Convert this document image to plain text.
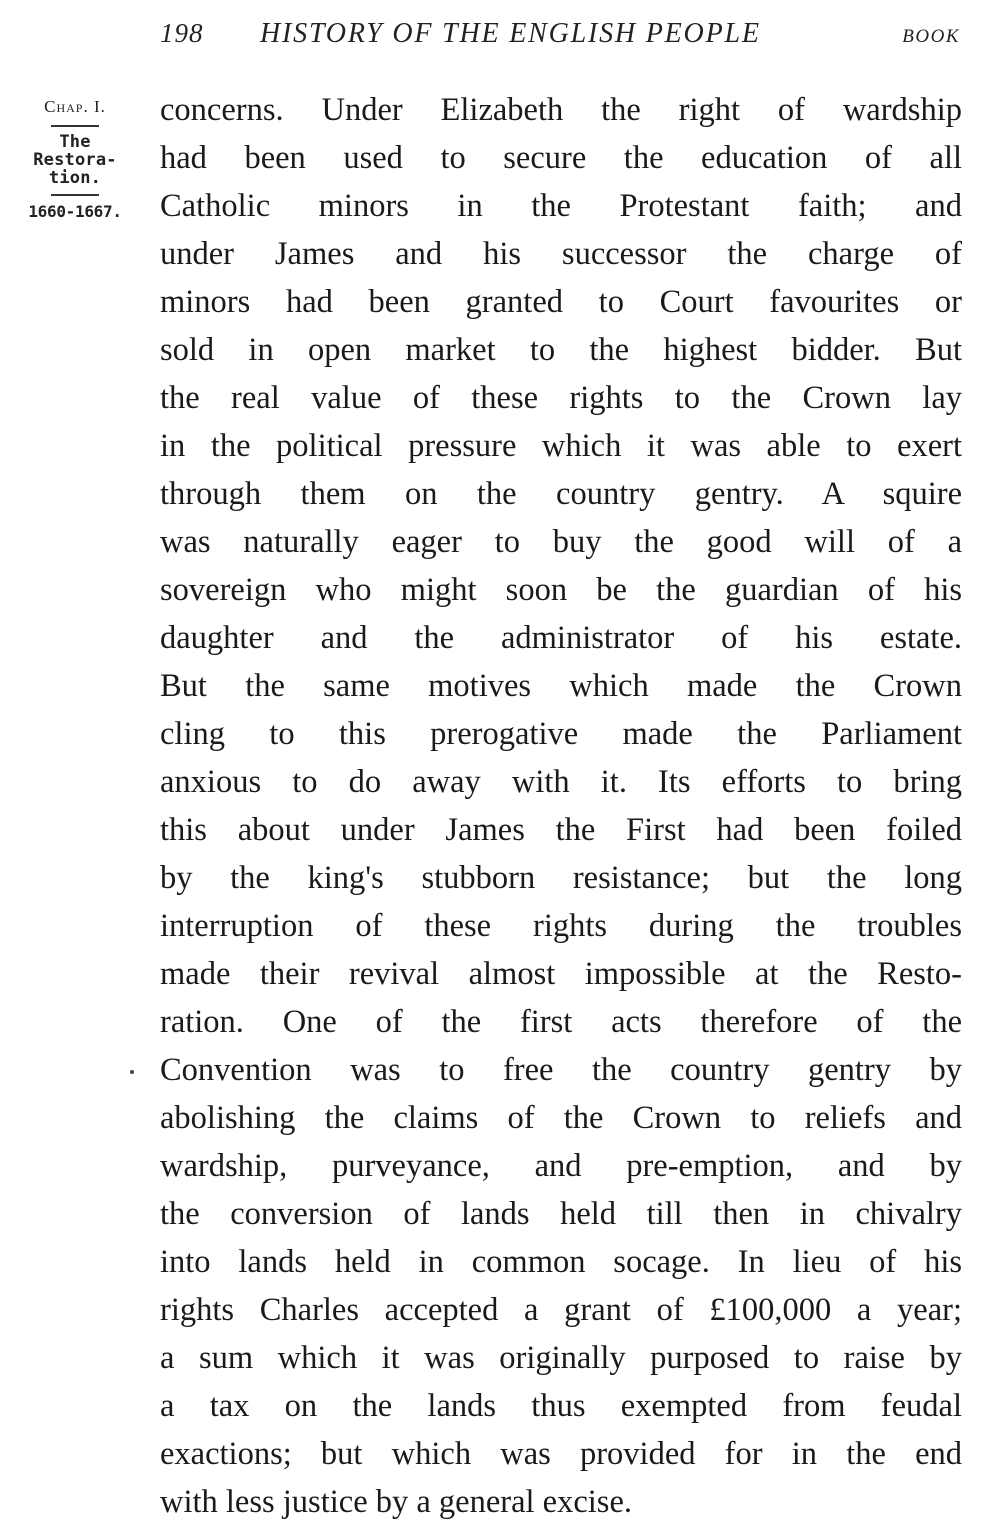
198 HISTORY OF THE ENGLISH PEOPLE	BOOK
Chap. I.
The
Restora-
tion.
1660-1667.
concerns. Under Elizabeth the right of wardship
had been used to secure the education of all
Catholic minors in the Protestant faith; and
under James and his successor the charge of
minors had been granted to Court favourites or
sold in open market to the highest bidder. But
the real value of these rights to the Crown lay
in the political pressure which it was able to exert
through them on the country gentry. A squire
was naturally eager to buy the good will of a
sovereign who might soon be the guardian of his
daughter and the administrator of his estate.
But the same motives which made the Crown
cling to this prerogative made the Parliament
anxious to do away with it. Its efforts to bring
this about under James the First had been foiled
by the king's stubborn resistance; but the long
interruption of these rights during the troubles
made their revival almost impossible at the Resto-
ration. One of the first acts therefore of the
Convention was to free the country gentry by
abolishing the claims of the Crown to reliefs and
wardship, purveyance, and pre-emption, and by
the conversion of lands held till then in chivalry
into lands held in common socage. In lieu of his
rights Charles accepted a grant of £100,000 a year;
a sum which it was originally purposed to raise by
a tax on the lands thus exempted from feudal
exactions; but which was provided for in the end
with less justice by a general excise.
